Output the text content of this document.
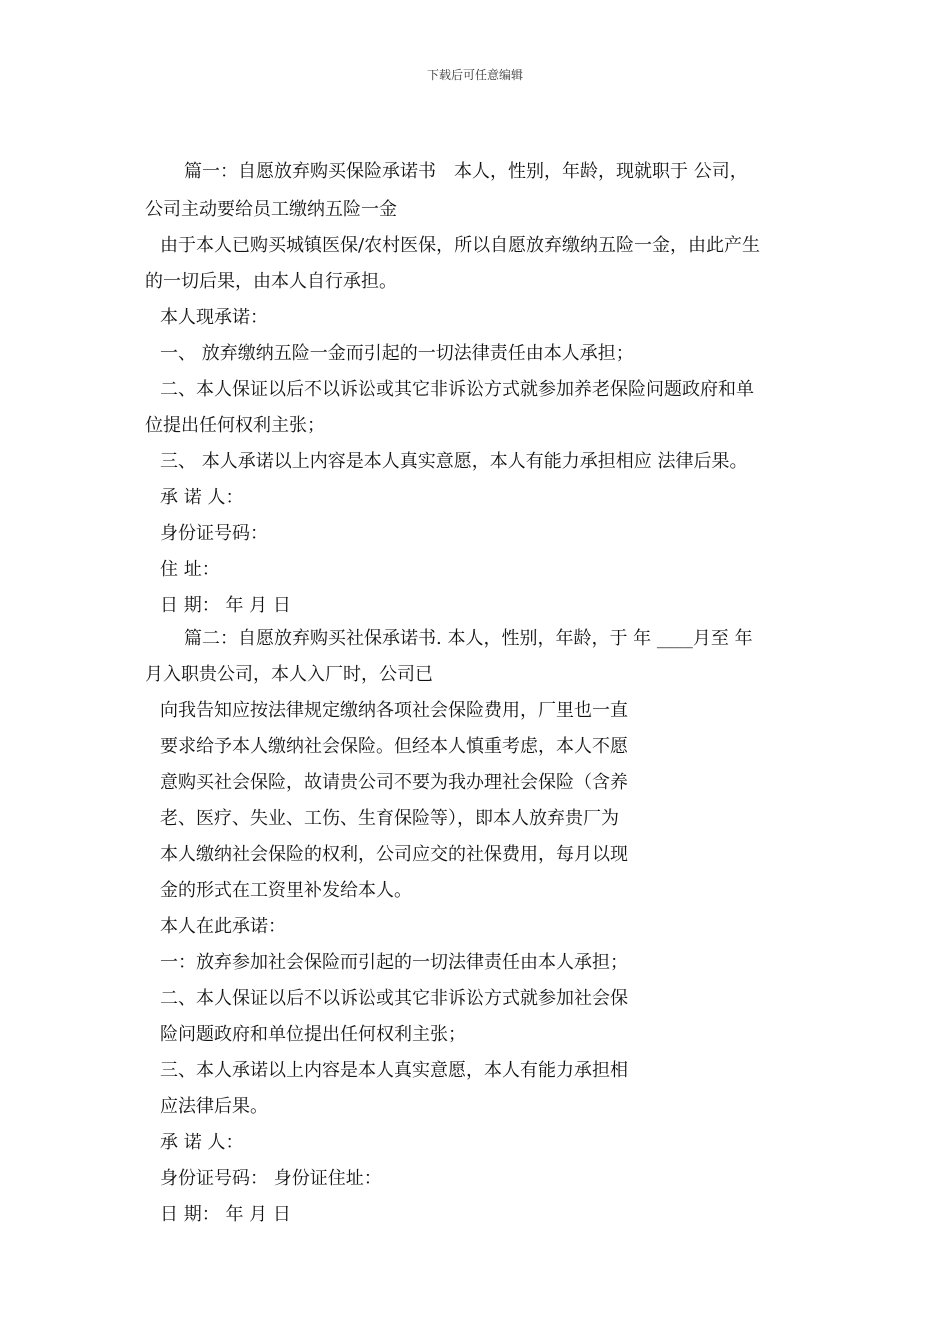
下载后可任意编辑
篇一：自愿放弃购买保险承诺书　本人，性别，年龄，现就职于 公司，
公司主动要给员工缴纳五险一金
由于本人已购买城镇医保/农村医保，所以自愿放弃缴纳五险一金，由此产生
的一切后果，由本人自行承担。
本人现承诺：
一、 放弃缴纳五险一金而引起的一切法律责任由本人承担；
二、本人保证以后不以诉讼或其它非诉讼方式就参加养老保险问题政府和单
位提出任何权利主张；
三、 本人承诺以上内容是本人真实意愿，本人有能力承担相应 法律后果。
承 诺 人：
身份证号码：
住 址：
日 期： 年 月 日
篇二：自愿放弃购买社保承诺书. 本人，性别，年龄，于 年 ____月至 年
月入职贵公司，本人入厂时，公司已
向我告知应按法律规定缴纳各项社会保险费用，厂里也一直
要求给予本人缴纳社会保险。但经本人慎重考虑，本人不愿
意购买社会保险，故请贵公司不要为我办理社会保险（含养
老、医疗、失业、工伤、生育保险等），即本人放弃贵厂为
本人缴纳社会保险的权利，公司应交的社保费用，每月以现
金的形式在工资里补发给本人。
本人在此承诺：
一：放弃参加社会保险而引起的一切法律责任由本人承担；
二、本人保证以后不以诉讼或其它非诉讼方式就参加社会保
险问题政府和单位提出任何权利主张；
三、本人承诺以上内容是本人真实意愿，本人有能力承担相
应法律后果。
承 诺 人：
身份证号码： 身份证住址：
日 期： 年 月 日
